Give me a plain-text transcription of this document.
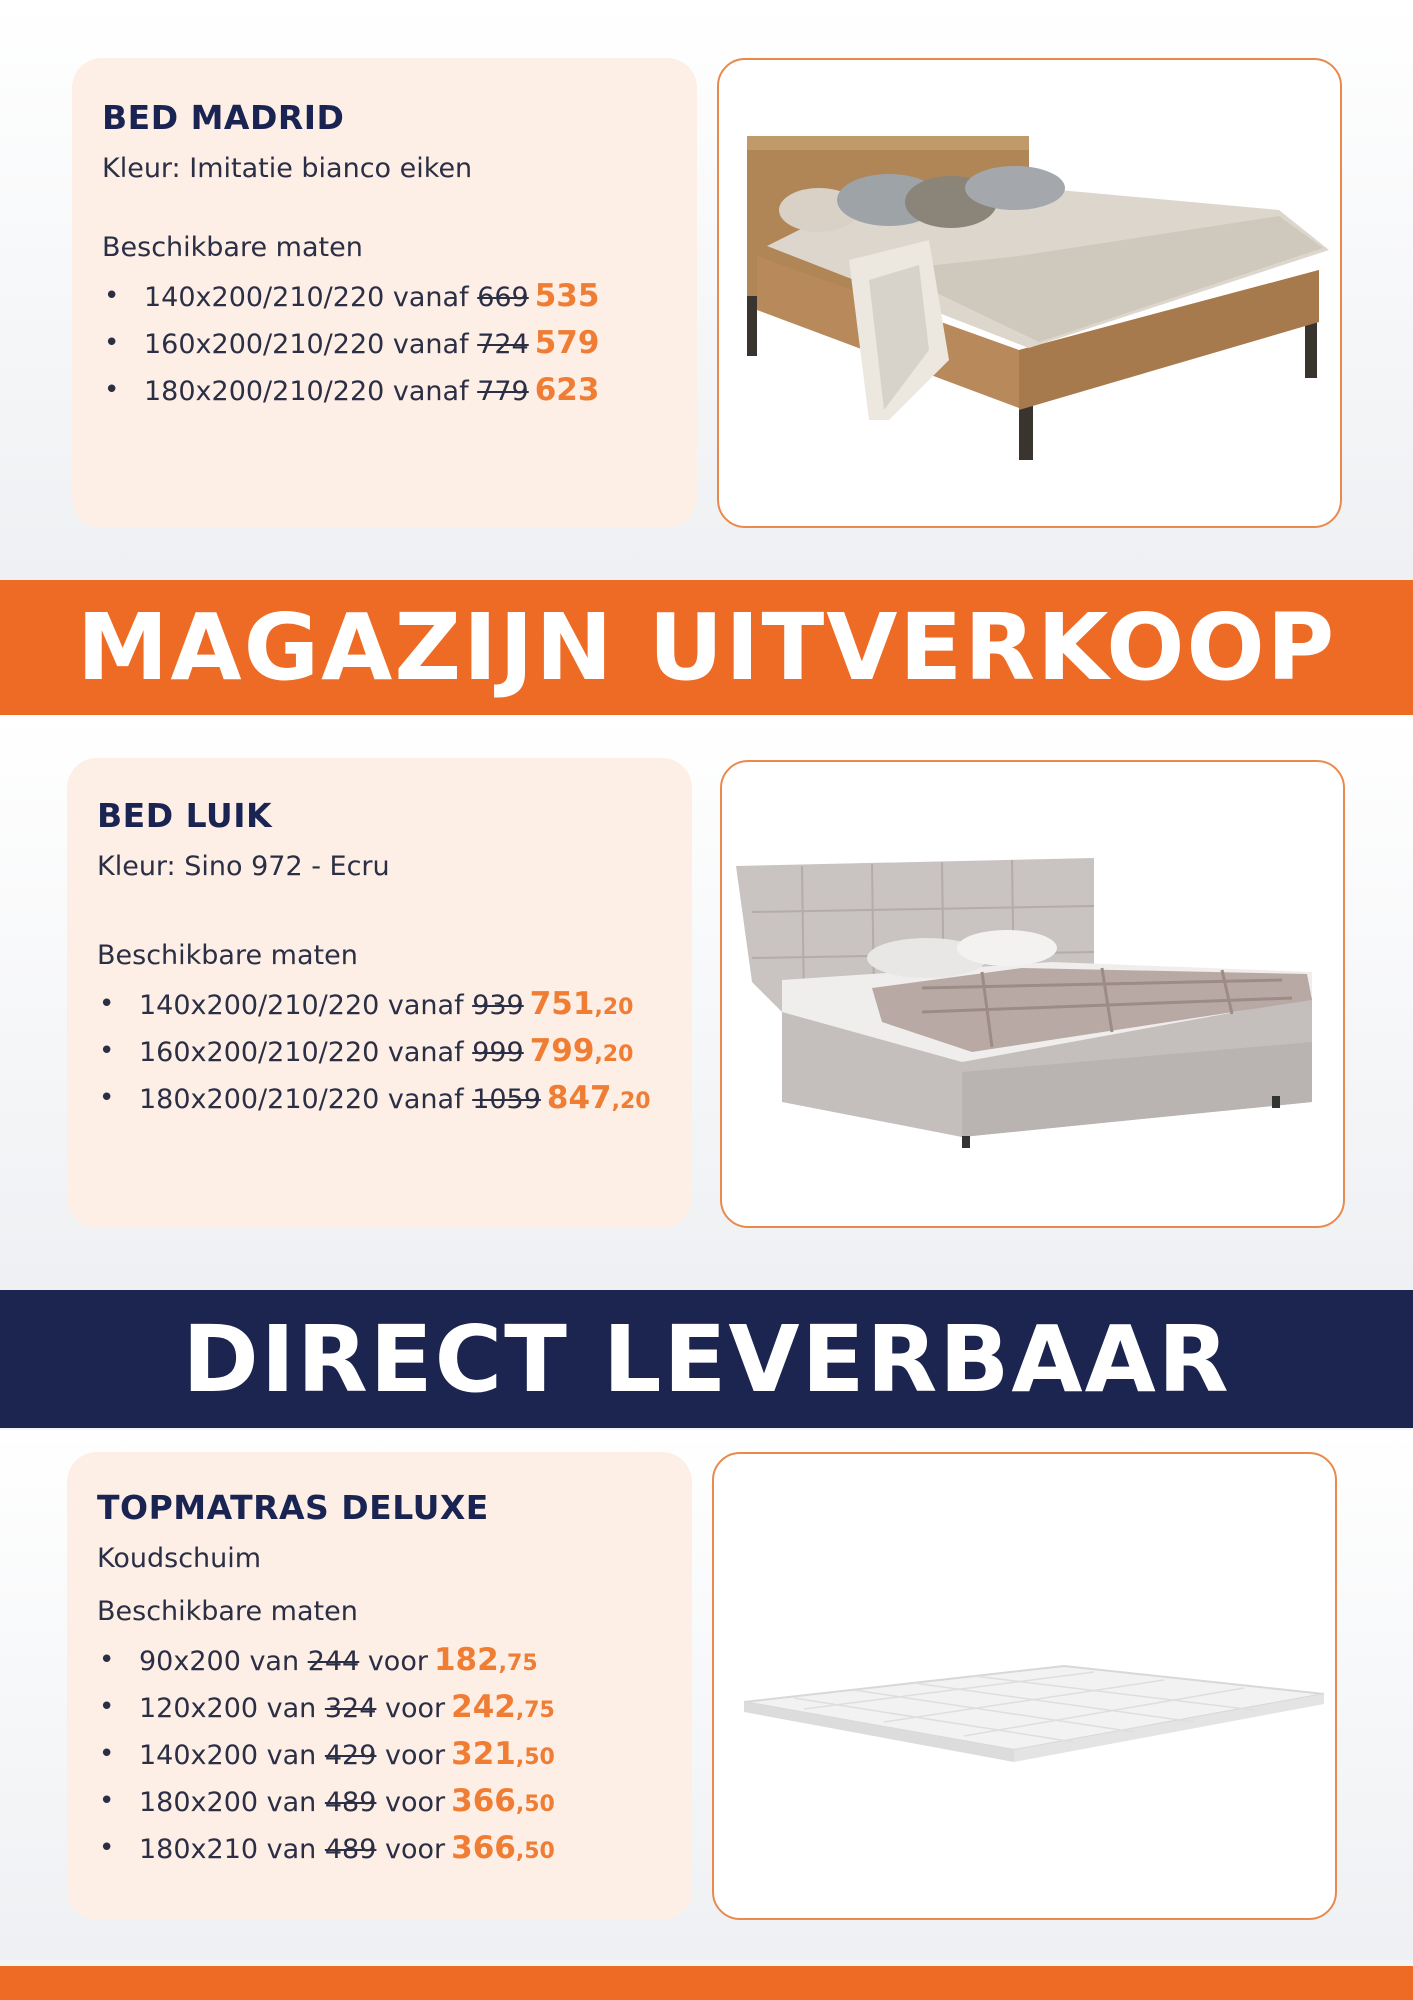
BED MADRID
Kleur: Imitatie bianco eiken
Beschikbare maten
• 140x200/210/220 vanaf 669 535
• 160x200/210/220 vanaf 724 579
• 180x200/210/220 vanaf 779 623
MAGAZIJN UITVERKOOP
BED LUIK
Kleur: Sino 972 - Ecru
Beschikbare maten
• 140x200/210/220 vanaf 939 751,20
• 160x200/210/220 vanaf 999 799,20
• 180x200/210/220 vanaf 1059 847,20
DIRECT LEVERBAAR
TOPMATRAS DELUXE
Koudschuim
Beschikbare maten
• 90x200 van 244 voor 182,75
• 120x200 van 324 voor 242,75
• 140x200 van 429 voor 321,50
• 180x200 van 489 voor 366,50
• 180x210 van 489 voor 366,50
